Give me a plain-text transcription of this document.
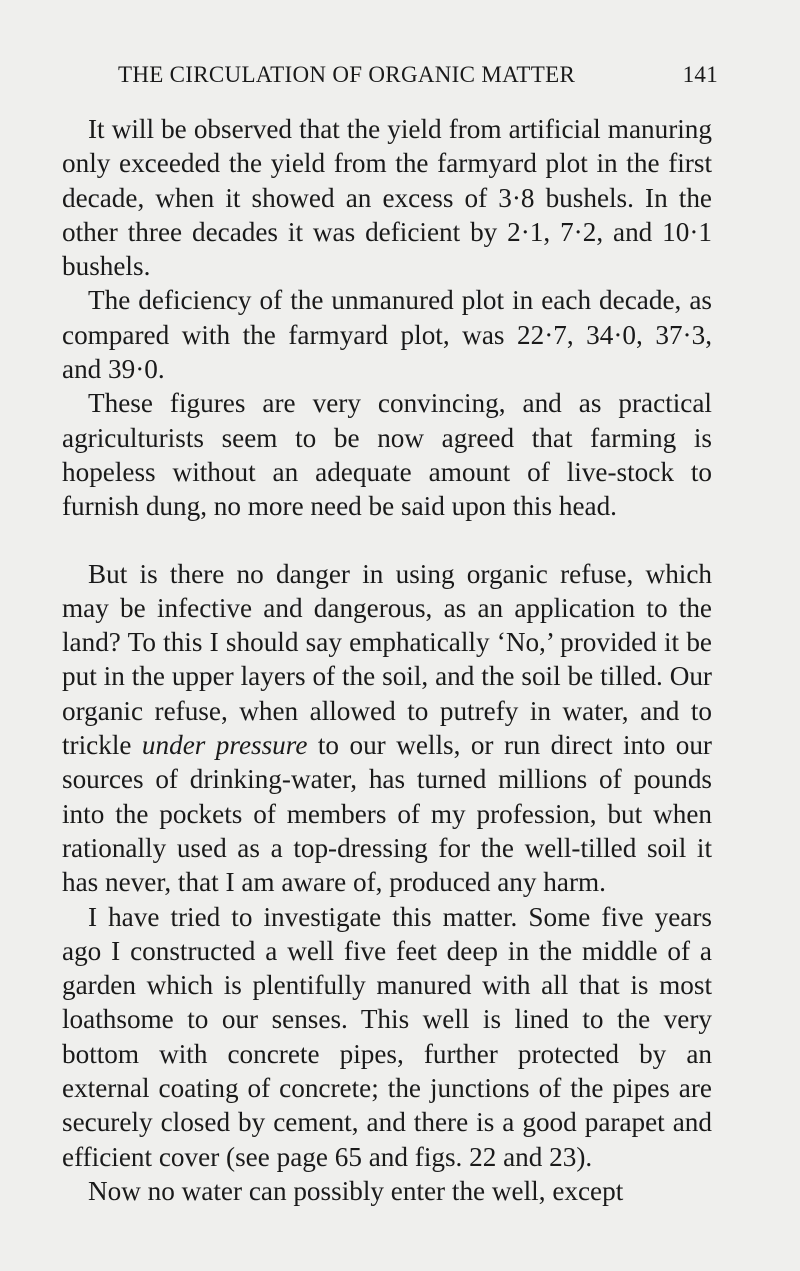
THE CIRCULATION OF ORGANIC MATTER	141

It will be observed that the yield from artificial manuring only exceeded the yield from the farmyard plot in the first decade, when it showed an excess of 3·8 bushels. In the other three decades it was deficient by 2·1, 7·2, and 10·1 bushels.

The deficiency of the unmanured plot in each decade, as compared with the farmyard plot, was 22·7, 34·0, 37·3, and 39·0.

These figures are very convincing, and as practical agriculturists seem to be now agreed that farming is hopeless without an adequate amount of live-stock to furnish dung, no more need be said upon this head.

But is there no danger in using organic refuse, which may be infective and dangerous, as an application to the land? To this I should say emphatically ‘No,’ provided it be put in the upper layers of the soil, and the soil be tilled. Our organic refuse, when allowed to putrefy in water, and to trickle under pressure to our wells, or run direct into our sources of drinking-water, has turned millions of pounds into the pockets of members of my profession, but when rationally used as a top-dressing for the well-tilled soil it has never, that I am aware of, produced any harm.

I have tried to investigate this matter. Some five years ago I constructed a well five feet deep in the middle of a garden which is plentifully manured with all that is most loathsome to our senses. This well is lined to the very bottom with concrete pipes, further protected by an external coating of concrete; the junctions of the pipes are securely closed by cement, and there is a good parapet and efficient cover (see page 65 and figs. 22 and 23).

Now no water can possibly enter the well, except
